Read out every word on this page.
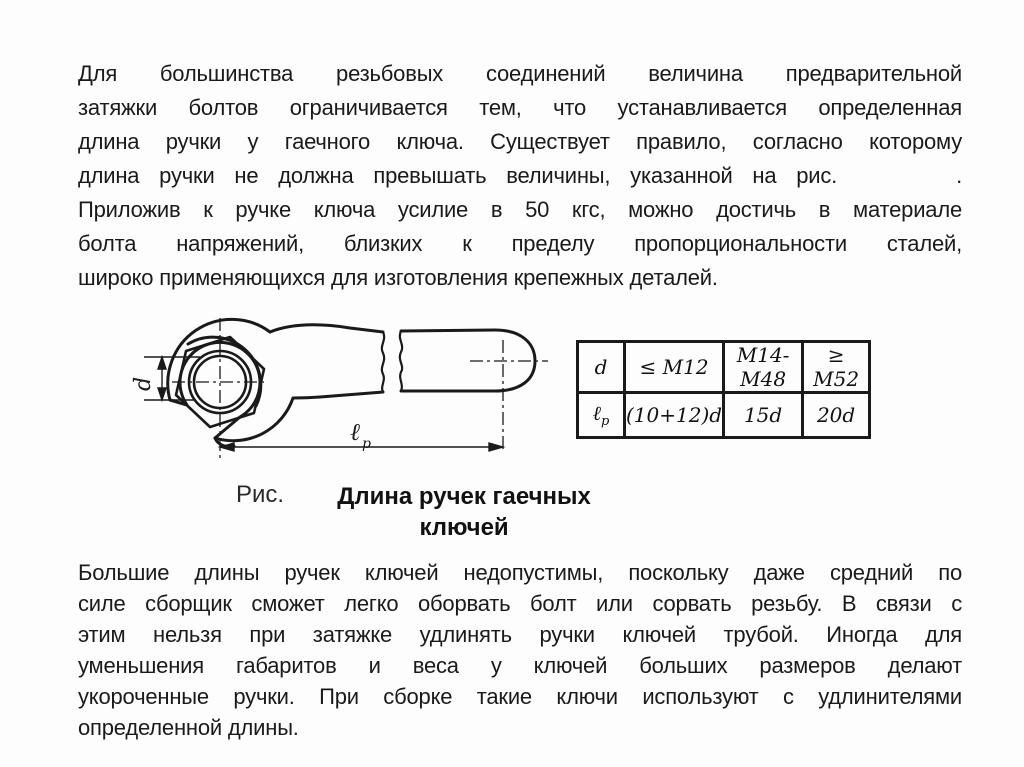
Для большинства резьбовых соединений величина предварительной
затяжки болтов ограничивается тем, что устанавливается определенная
длина ручки у гаечного ключа. Существует правило, согласно которому
длина ручки не должна превышать величины, указанной на рис.      .
Приложив к ручке ключа усилие в 50 кгс, можно достичь в материале
болта напряжений, близких к пределу пропорциональности сталей,
широко применяющихся для изготовления крепежных деталей.
d
ℓ p
d	≤ M12	M14-M48	≥ M52
ℓ$_p$	(10+12)d	15d	20d
Рис.	Длина ручек гаечных
ключей
Большие длины ручек ключей недопустимы, поскольку даже средний по
силе сборщик сможет легко оборвать болт или сорвать резьбу. В связи с
этим нельзя при затяжке удлинять ручки ключей трубой. Иногда для
уменьшения габаритов и веса у ключей больших размеров делают
укороченные ручки. При сборке такие ключи используют с удлинителями
определенной длины.
